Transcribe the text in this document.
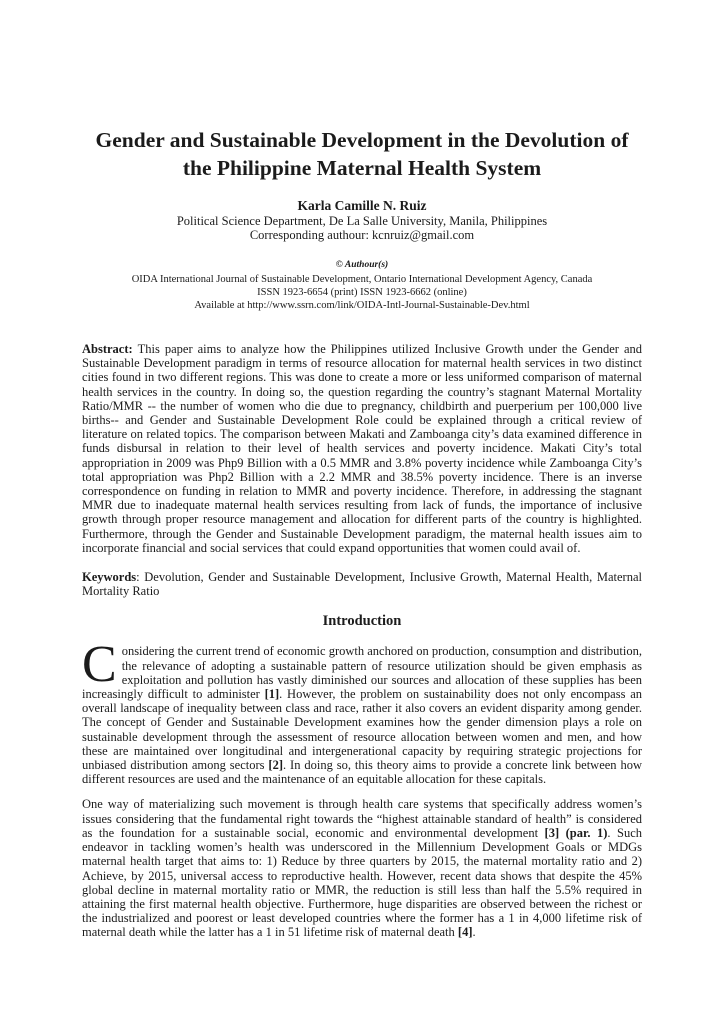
Gender and Sustainable Development in the Devolution of
the Philippine Maternal Health System
Karla Camille N. Ruiz
Political Science Department, De La Salle University, Manila, Philippines
Corresponding authour: kcnruiz@gmail.com
© Authour(s)
OIDA International Journal of Sustainable Development, Ontario International Development Agency, Canada
ISSN 1923-6654 (print) ISSN 1923-6662 (online)
Available at http://www.ssrn.com/link/OIDA-Intl-Journal-Sustainable-Dev.html

Abstract: This paper aims to analyze how the Philippines utilized Inclusive Growth under the Gender and Sustainable Development paradigm in terms of resource allocation for maternal health services in two distinct cities found in two different regions. This was done to create a more or less uniformed comparison of maternal health services in the country. In doing so, the question regarding the country’s stagnant Maternal Mortality Ratio/MMR -- the number of women who die due to pregnancy, childbirth and puerperium per 100,000 live births-- and Gender and Sustainable Development Role could be explained through a critical review of literature on related topics. The comparison between Makati and Zamboanga city’s data examined difference in funds disbursal in relation to their level of health services and poverty incidence. Makati City’s total appropriation in 2009 was Php9 Billion with a 0.5 MMR and 3.8% poverty incidence while Zamboanga City’s total appropriation was Php2 Billion with a 2.2 MMR and 38.5% poverty incidence. There is an inverse correspondence on funding in relation to MMR and poverty incidence. Therefore, in addressing the stagnant MMR due to inadequate maternal health services resulting from lack of funds, the importance of inclusive growth through proper resource management and allocation for different parts of the country is highlighted. Furthermore, through the Gender and Sustainable Development paradigm, the maternal health issues aim to incorporate financial and social services that could expand opportunities that women could avail of.

Keywords: Devolution, Gender and Sustainable Development, Inclusive Growth, Maternal Health, Maternal Mortality Ratio

Introduction

Considering the current trend of economic growth anchored on production, consumption and distribution, the relevance of adopting a sustainable pattern of resource utilization should be given emphasis as exploitation and pollution has vastly diminished our sources and allocation of these supplies has been increasingly difficult to administer [1]. However, the problem on sustainability does not only encompass an overall landscape of inequality between class and race, rather it also covers an evident disparity among gender. The concept of Gender and Sustainable Development examines how the gender dimension plays a role on sustainable development through the assessment of resource allocation between women and men, and how these are maintained over longitudinal and intergenerational capacity by requiring strategic projections for unbiased distribution among sectors [2]. In doing so, this theory aims to provide a concrete link between how different resources are used and the maintenance of an equitable allocation for these capitals.

One way of materializing such movement is through health care systems that specifically address women’s issues considering that the fundamental right towards the “highest attainable standard of health” is considered as the foundation for a sustainable social, economic and environmental development [3] (par. 1). Such endeavor in tackling women’s health was underscored in the Millennium Development Goals or MDGs maternal health target that aims to: 1) Reduce by three quarters by 2015, the maternal mortality ratio and 2) Achieve, by 2015, universal access to reproductive health. However, recent data shows that despite the 45% global decline in maternal mortality ratio or MMR, the reduction is still less than half the 5.5% required in attaining the first maternal health objective. Furthermore, huge disparities are observed between the richest or the industrialized and poorest or least developed countries where the former has a 1 in 4,000 lifetime risk of maternal death while the latter has a 1 in 51 lifetime risk of maternal death [4].
